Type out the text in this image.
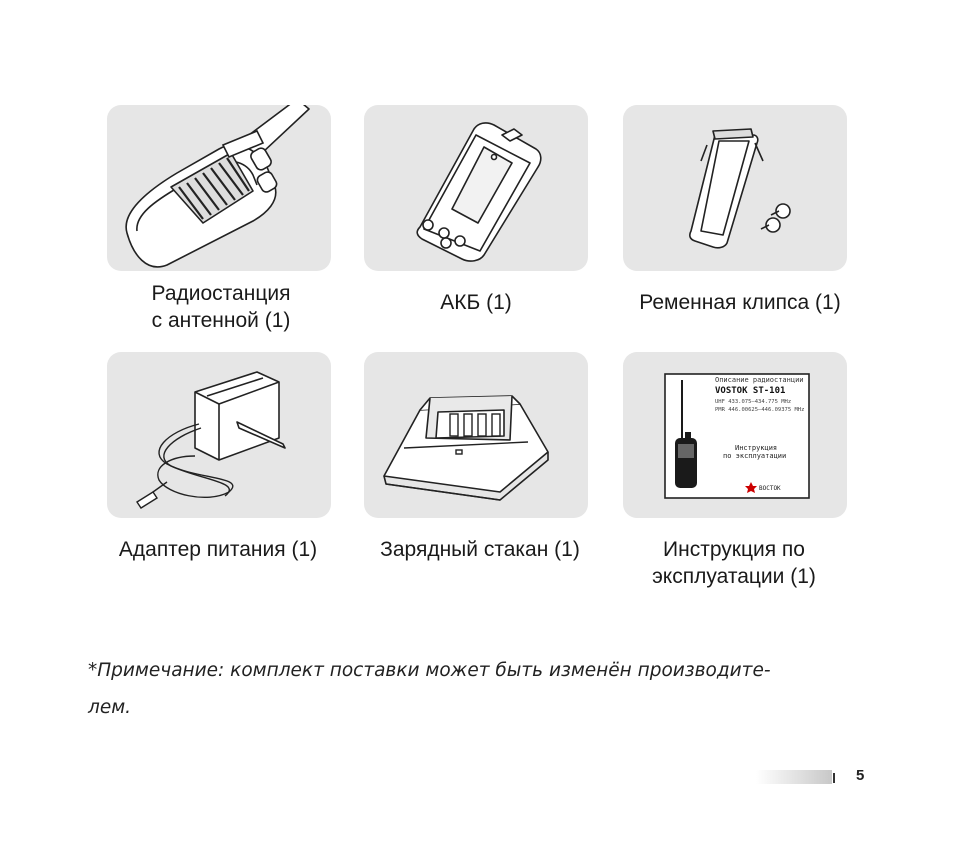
Описание радиостанции
VOSTOK ST-101
UHF 433.075–434.775 MHz
PMR 446.00625–446.09375 MHz
Инструкция
по эксплуатации
ВОСТОК
Радиостанция
с антенной (1)
АКБ (1)	Ременная клипса (1)
Адаптер питания (1)	Зарядный стакан (1)	Инструкция по
эксплуатации (1)
*Примечание: комплект поставки может быть изменён производите-
лем.
5
